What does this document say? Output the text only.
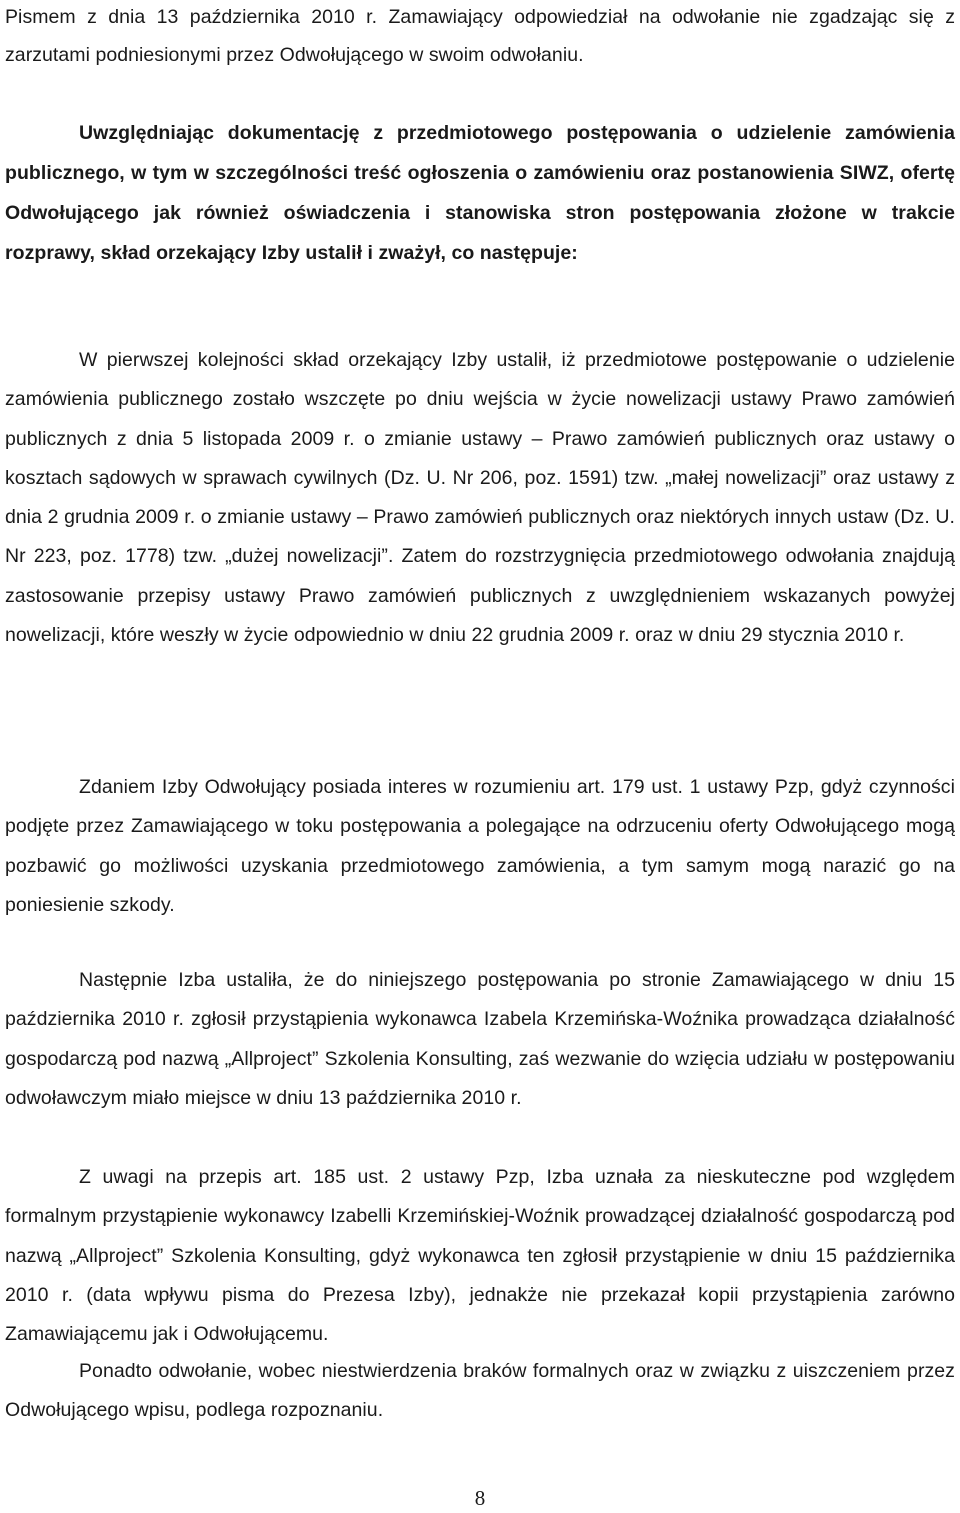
Pismem z dnia 13 października 2010 r. Zamawiający odpowiedział na odwołanie nie zgadzając się z zarzutami podniesionymi przez Odwołującego w swoim odwołaniu.

Uwzględniając dokumentację z przedmiotowego postępowania o udzielenie zamówienia publicznego, w tym w szczególności treść ogłoszenia o zamówieniu oraz postanowienia SIWZ, ofertę Odwołującego jak również oświadczenia i stanowiska stron postępowania złożone w trakcie rozprawy, skład orzekający Izby ustalił i zważył, co następuje:

W pierwszej kolejności skład orzekający Izby ustalił, iż przedmiotowe postępowanie o udzielenie zamówienia publicznego zostało wszczęte po dniu wejścia w życie nowelizacji ustawy Prawo zamówień publicznych z dnia 5 listopada 2009 r. o zmianie ustawy – Prawo zamówień publicznych oraz ustawy o kosztach sądowych w sprawach cywilnych (Dz. U. Nr 206, poz. 1591) tzw. „małej nowelizacji” oraz ustawy z dnia 2 grudnia 2009 r. o zmianie ustawy – Prawo zamówień publicznych oraz niektórych innych ustaw (Dz. U. Nr 223, poz. 1778) tzw. „dużej nowelizacji”. Zatem do rozstrzygnięcia przedmiotowego odwołania znajdują zastosowanie przepisy ustawy Prawo zamówień publicznych z uwzględnieniem wskazanych powyżej nowelizacji, które weszły w życie odpowiednio w dniu 22 grudnia 2009 r. oraz w dniu 29 stycznia 2010 r.

Zdaniem Izby Odwołujący posiada interes w rozumieniu art. 179 ust. 1 ustawy Pzp, gdyż czynności podjęte przez Zamawiającego w toku postępowania a polegające na odrzuceniu oferty Odwołującego mogą pozbawić go możliwości uzyskania przedmiotowego zamówienia, a tym samym mogą narazić go na poniesienie szkody.

Następnie Izba ustaliła, że do niniejszego postępowania po stronie Zamawiającego w dniu 15 października 2010 r. zgłosił przystąpienia wykonawca Izabela Krzemińska-Woźnika prowadząca działalność gospodarczą pod nazwą „Allproject” Szkolenia Konsulting, zaś wezwanie do wzięcia udziału w postępowaniu odwoławczym miało miejsce w dniu 13 października 2010 r.

Z uwagi na przepis art. 185 ust. 2 ustawy Pzp, Izba uznała za nieskuteczne pod względem formalnym przystąpienie wykonawcy Izabelli Krzemińskiej-Woźnik prowadzącej działalność gospodarczą pod nazwą „Allproject” Szkolenia Konsulting, gdyż wykonawca ten zgłosił przystąpienie w dniu 15 października 2010 r. (data wpływu pisma do Prezesa Izby), jednakże nie przekazał kopii przystąpienia zarówno Zamawiającemu jak i Odwołującemu.

Ponadto odwołanie, wobec niestwierdzenia braków formalnych oraz w związku z uiszczeniem przez Odwołującego wpisu, podlega rozpoznaniu.

8
